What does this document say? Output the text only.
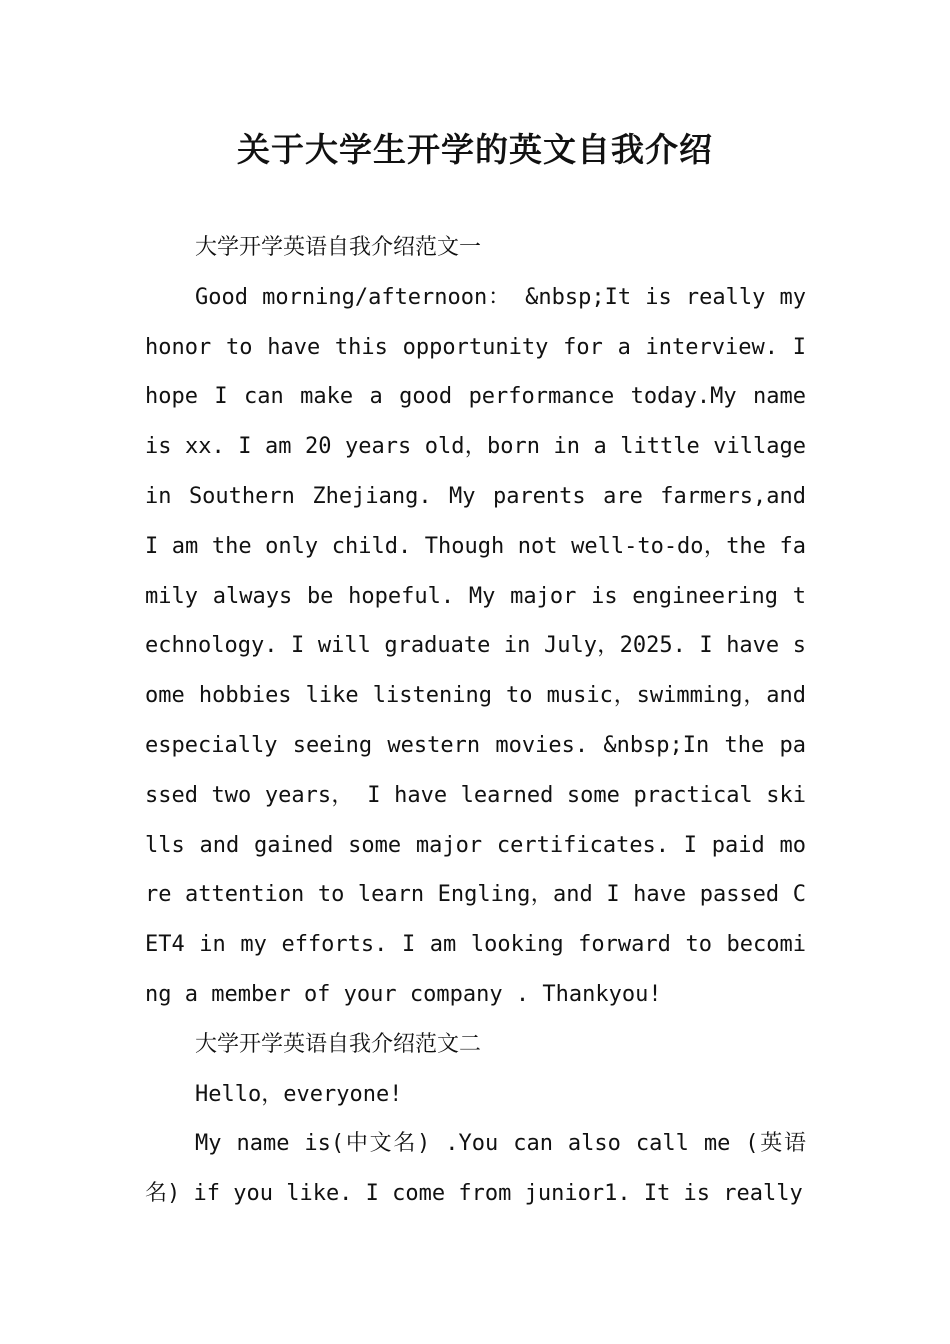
关于大学生开学的英文自我介绍

大学开学英语自我介绍范文一

Good morning/afternoon： &nbsp;It is really my honor to have this opportunity for a interview. I hope I can make a good performance today.My name is xx. I am 20 years old，born in a little village in Southern Zhejiang. My parents are farmers,and I am the only child. Though not well-to-do，the family always be hopeful. My major is engineering technology. I will graduate in July，2025. I have some hobbies like listening to music，swimming，and especially seeing western movies. &nbsp;In the passed two years， I have learned some practical skills and gained some major certificates. I paid more attention to learn Engling，and I have passed CET4 in my efforts. I am looking forward to becoming a member of your company . Thankyou!

大学开学英语自我介绍范文二

Hello，everyone!

My name is(中文名) .You can also call me (英语名) if you like. I come from junior1. It is really
